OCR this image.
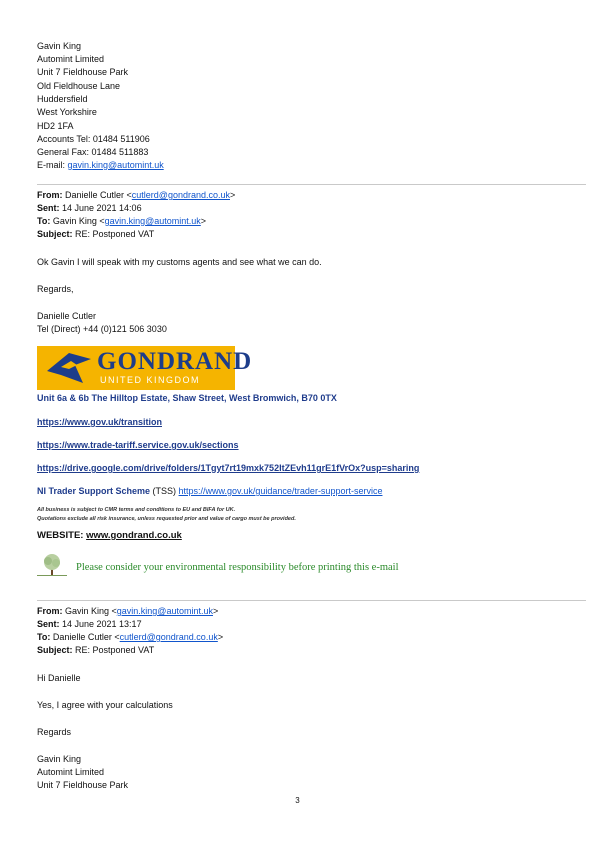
Gavin King
Automint Limited
Unit 7 Fieldhouse Park
Old Fieldhouse Lane
Huddersfield
West Yorkshire
HD2 1FA
Accounts Tel: 01484 511906
General Fax: 01484 511883
E-mail: gavin.king@automint.uk
From: Danielle Cutler <cutlerd@gondrand.co.uk>
Sent: 14 June 2021 14:06
To: Gavin King <gavin.king@automint.uk>
Subject: RE: Postponed VAT
Ok Gavin I will speak with my customs agents and see what we can do.
Regards,
Danielle Cutler
Tel (Direct) +44 (0)121 506 3030
GONDRAND
UNITED KINGDOM
Unit 6a & 6b The Hilltop Estate, Shaw Street, West Bromwich, B70 0TX
https://www.gov.uk/transition
https://www.trade-tariff.service.gov.uk/sections
https://drive.google.com/drive/folders/1Tgyt7rt19mxk752ItZEvh11grE1fVrOx?usp=sharing
NI Trader Support Scheme (TSS) https://www.gov.uk/guidance/trader-support-service
All business is subject to CMR terms and conditions to EU and BIFA for UK.
Quotations exclude all risk insurance, unless requested prior and value of cargo must be provided.
WEBSITE: www.gondrand.co.uk
Please consider your environmental responsibility before printing this e-mail
From: Gavin King <gavin.king@automint.uk>
Sent: 14 June 2021 13:17
To: Danielle Cutler <cutlerd@gondrand.co.uk>
Subject: RE: Postponed VAT
Hi Danielle
Yes, I agree with your calculations
Regards
Gavin King
Automint Limited
Unit 7 Fieldhouse Park
3
